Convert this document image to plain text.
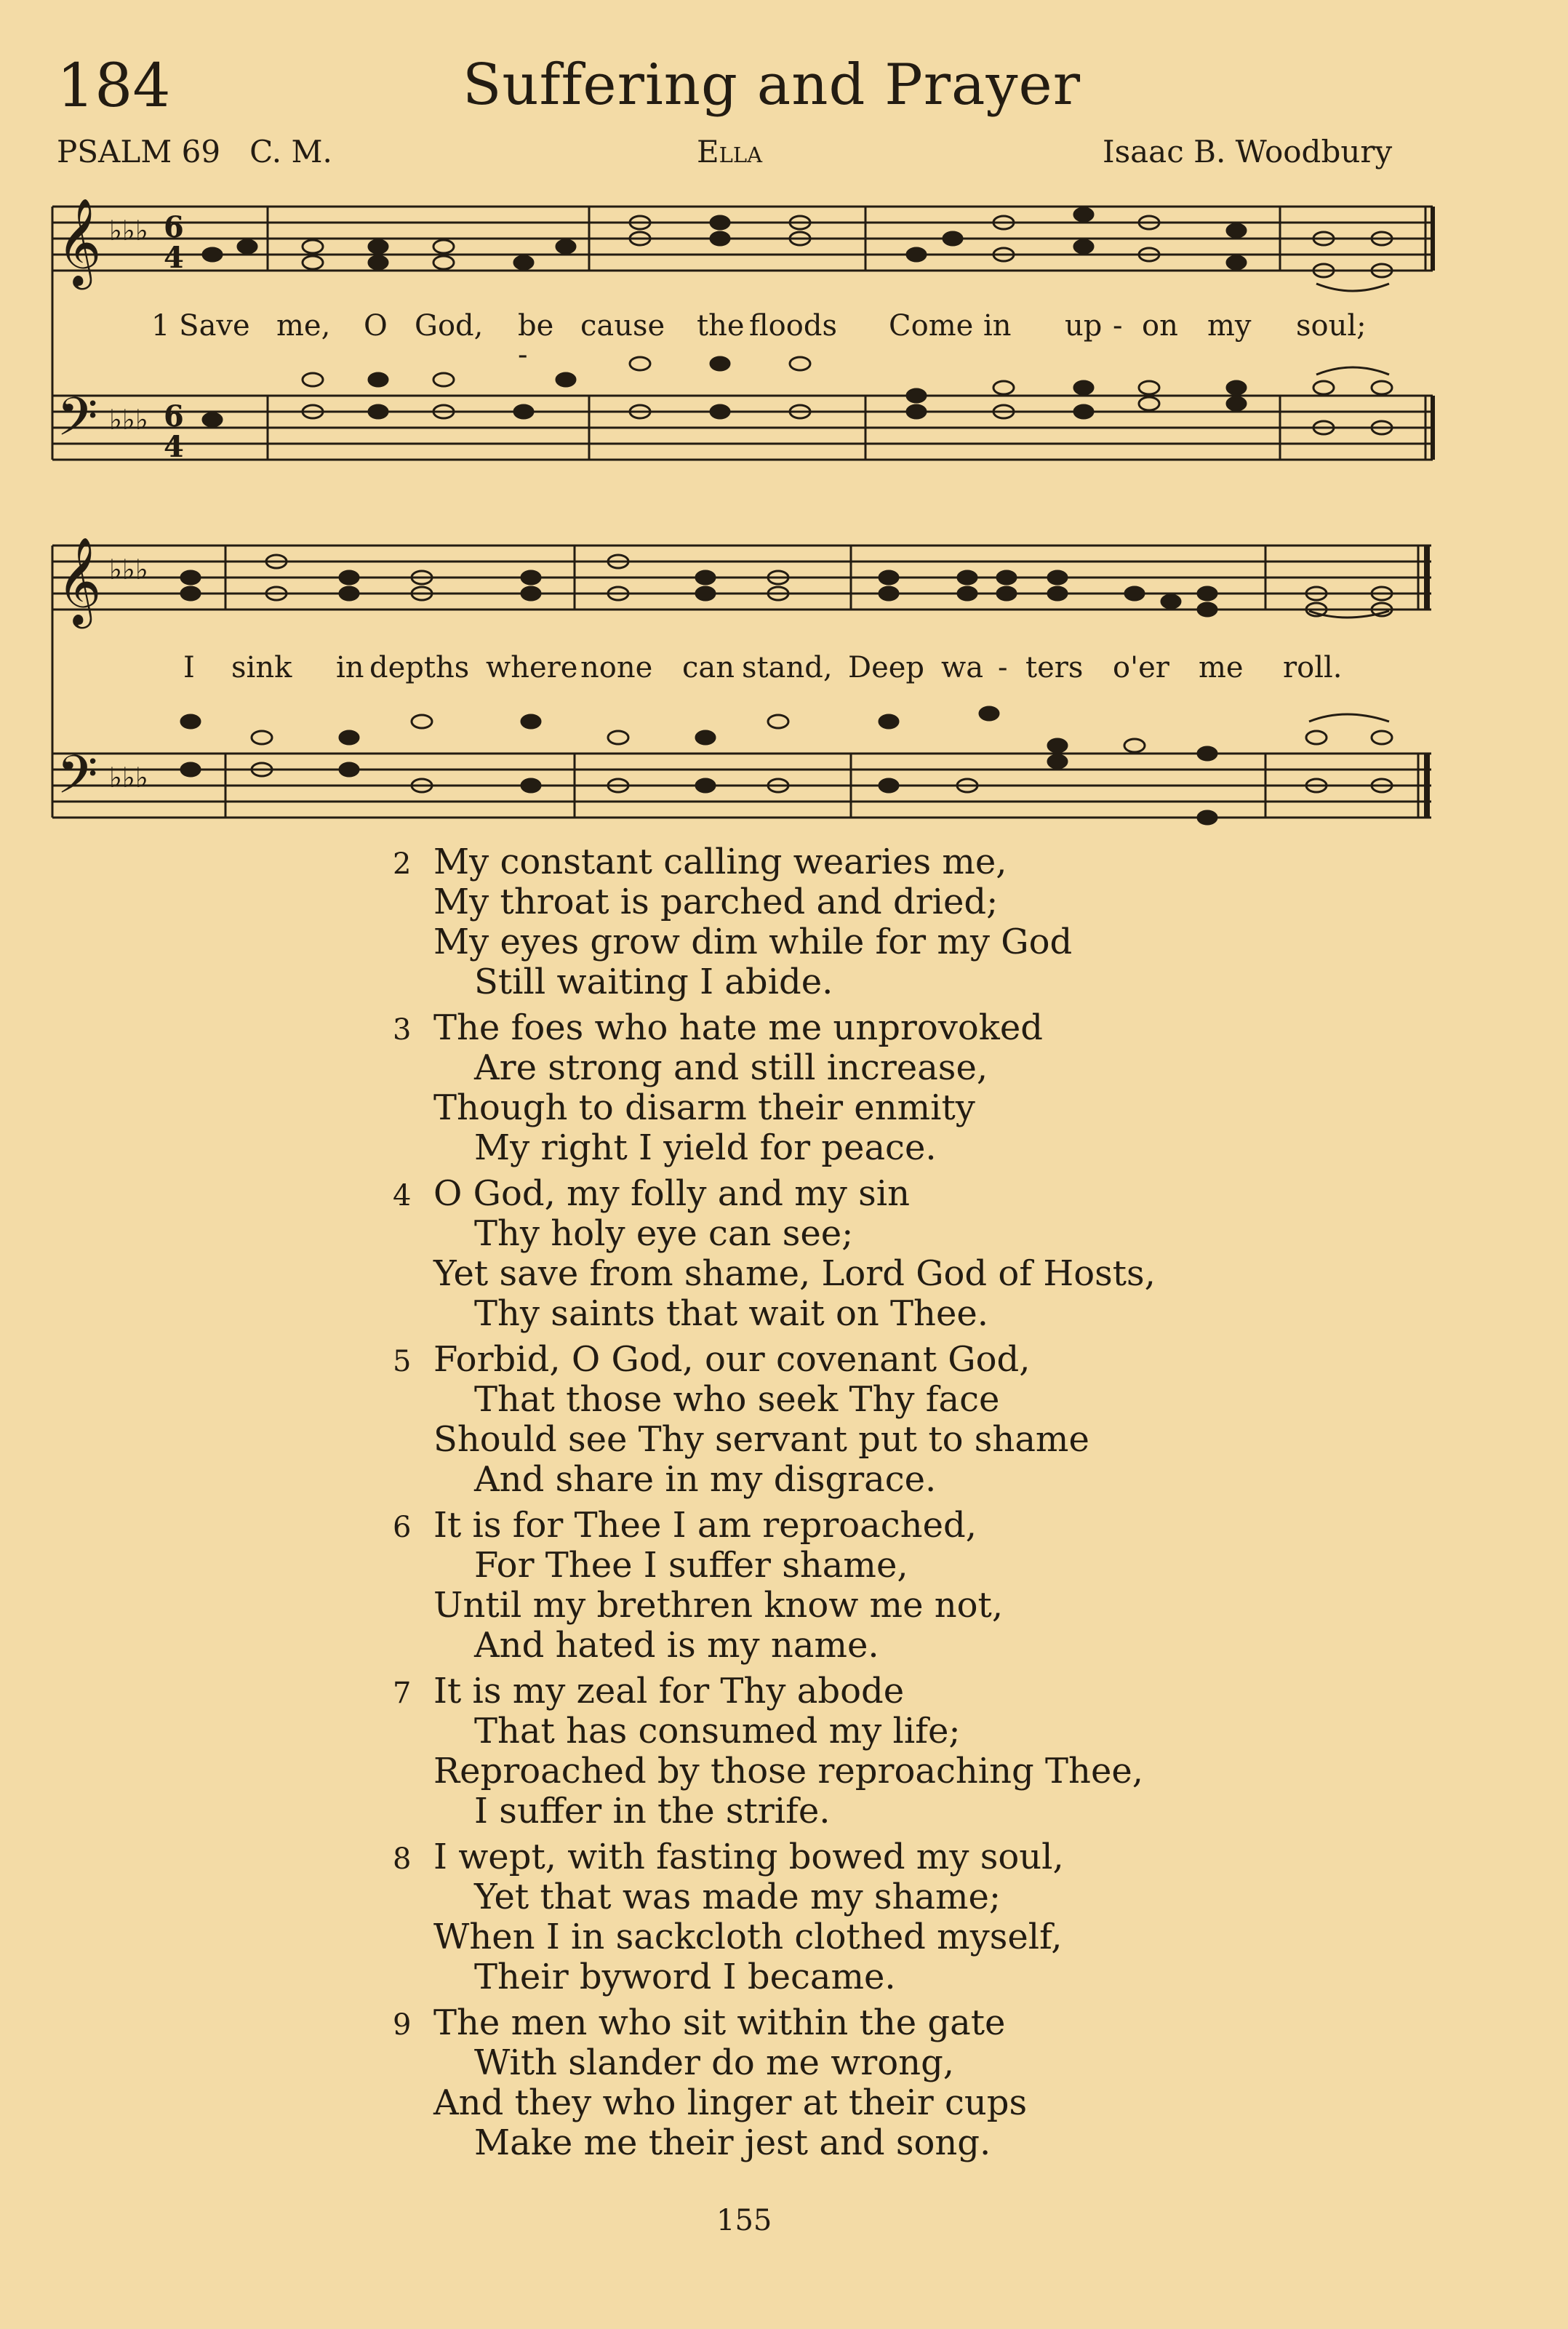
184	Suffering and Prayer
PSALM 69   C. M.	Ella	Isaac B. Woodbury
𝄞
𝄢
♭♭♭
♭♭♭
6
4
6
4
1 Save me, O God, be -
cause the floods Come in up - on my soul;
𝄞
𝄢
♭♭♭
♭♭♭
I sink in depths where none can stand, Deep wa - ters o'er me roll.
2 My constant calling wearies me,
My throat is parched and dried;
My eyes grow dim while for my God
Still waiting I abide.
3 The foes who hate me unprovoked
Are strong and still increase,
Though to disarm their enmity
My right I yield for peace.
4 O God, my folly and my sin
Thy holy eye can see;
Yet save from shame, Lord God of Hosts,
Thy saints that wait on Thee.
5 Forbid, O God, our covenant God,
That those who seek Thy face
Should see Thy servant put to shame
And share in my disgrace.
6 It is for Thee I am reproached,
For Thee I suffer shame,
Until my brethren know me not,
And hated is my name.
7 It is my zeal for Thy abode
That has consumed my life;
Reproached by those reproaching Thee,
I suffer in the strife.
8 I wept, with fasting bowed my soul,
Yet that was made my shame;
When I in sackcloth clothed myself,
Their byword I became.
9 The men who sit within the gate
With slander do me wrong,
And they who linger at their cups
Make me their jest and song.
155
